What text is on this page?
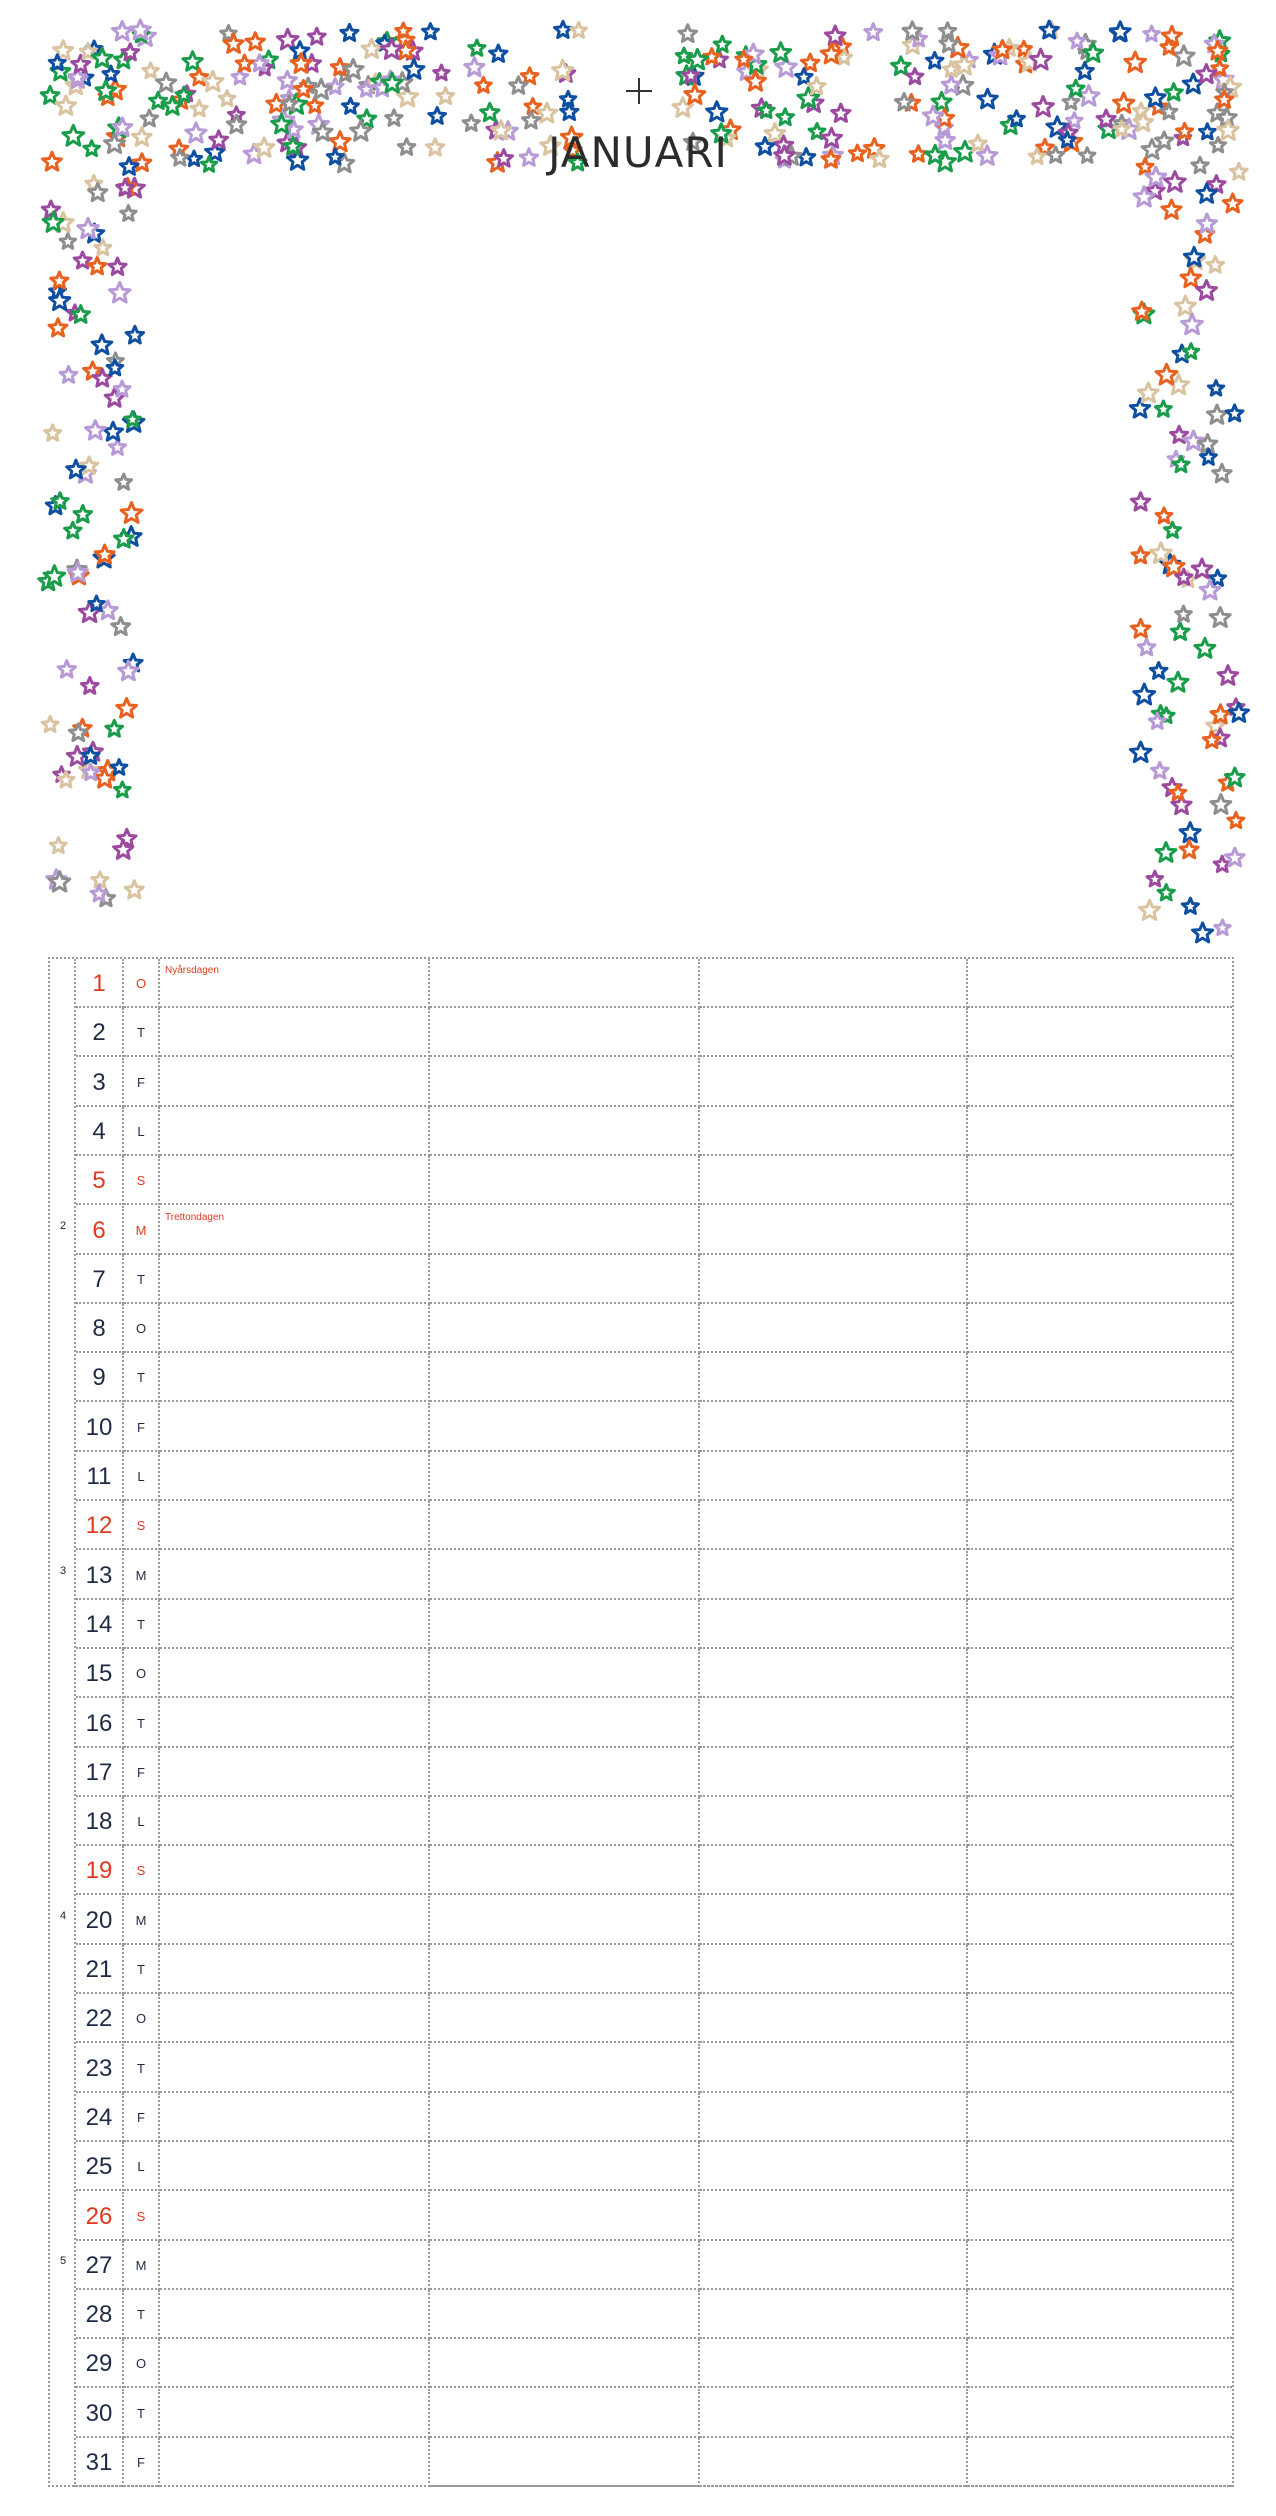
JANUARI
1	O
Nyårsdagen
2	T
3	F
4	L
5	S
2	6	M
Trettondagen
7	T
8	O
9	T
10	F
11	L
12	S
3 13	M
14	T
15	O
16	T
17	F
18	L
19	S
4 20	M
21	T
22	O
23	T
24	F
25	L
26	S
5 27	M
28	T
29	O
30	T
31	F
